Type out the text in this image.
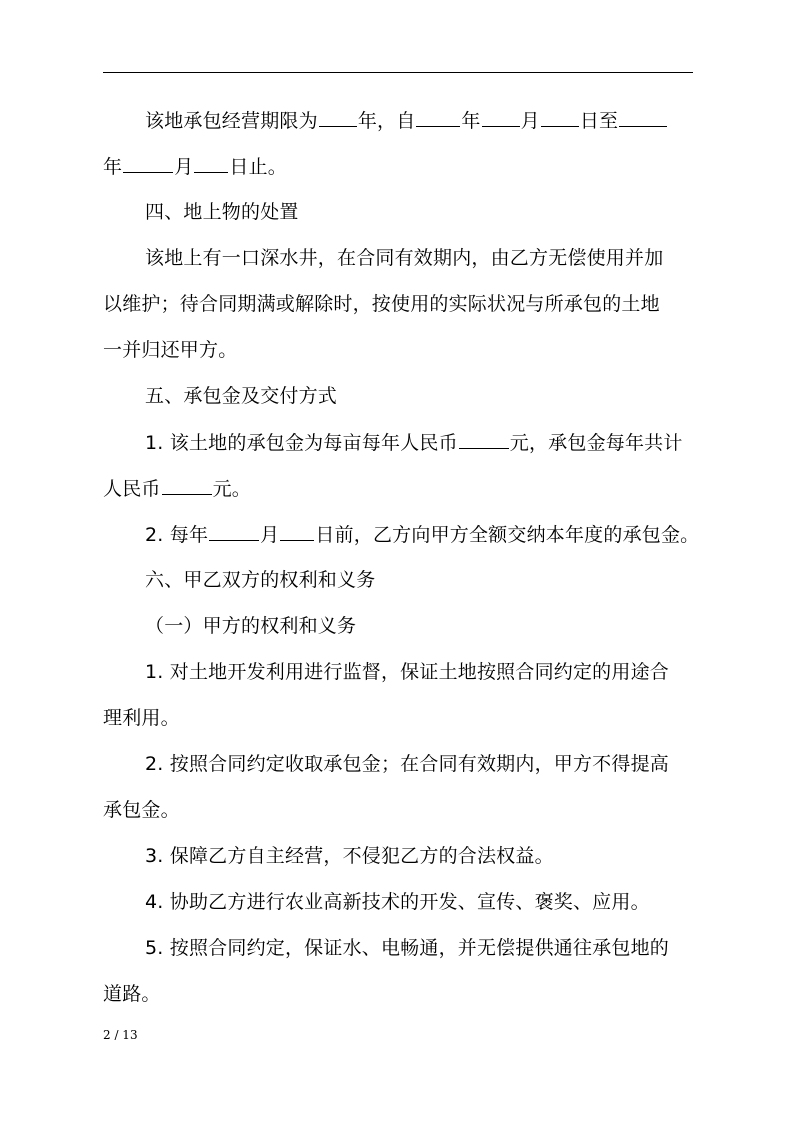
该地承包经营期限为 年，自 年 月 日至
年	月 日止。
四、地上物的处置
该地上有一口深水井，在合同有效期内，由乙方无偿使用并加
以维护；待合同期满或解除时，按使用的实际状况与所承包的土地
一并归还甲方。
五、承包金及交付方式
1. 该土地的承包金为每亩每年人民币	元，承包金每年共计
人民币	元。
2. 每年	月 日前，乙方向甲方全额交纳本年度的承包金。
六、甲乙双方的权利和义务
（一）甲方的权利和义务
1. 对土地开发利用进行监督，保证土地按照合同约定的用途合
理利用。
2. 按照合同约定收取承包金；在合同有效期内，甲方不得提高
承包金。
3. 保障乙方自主经营，不侵犯乙方的合法权益。
4. 协助乙方进行农业高新技术的开发、宣传、褒奖、应用。
5. 按照合同约定，保证水、电畅通，并无偿提供通往承包地的
道路。
2 / 13
